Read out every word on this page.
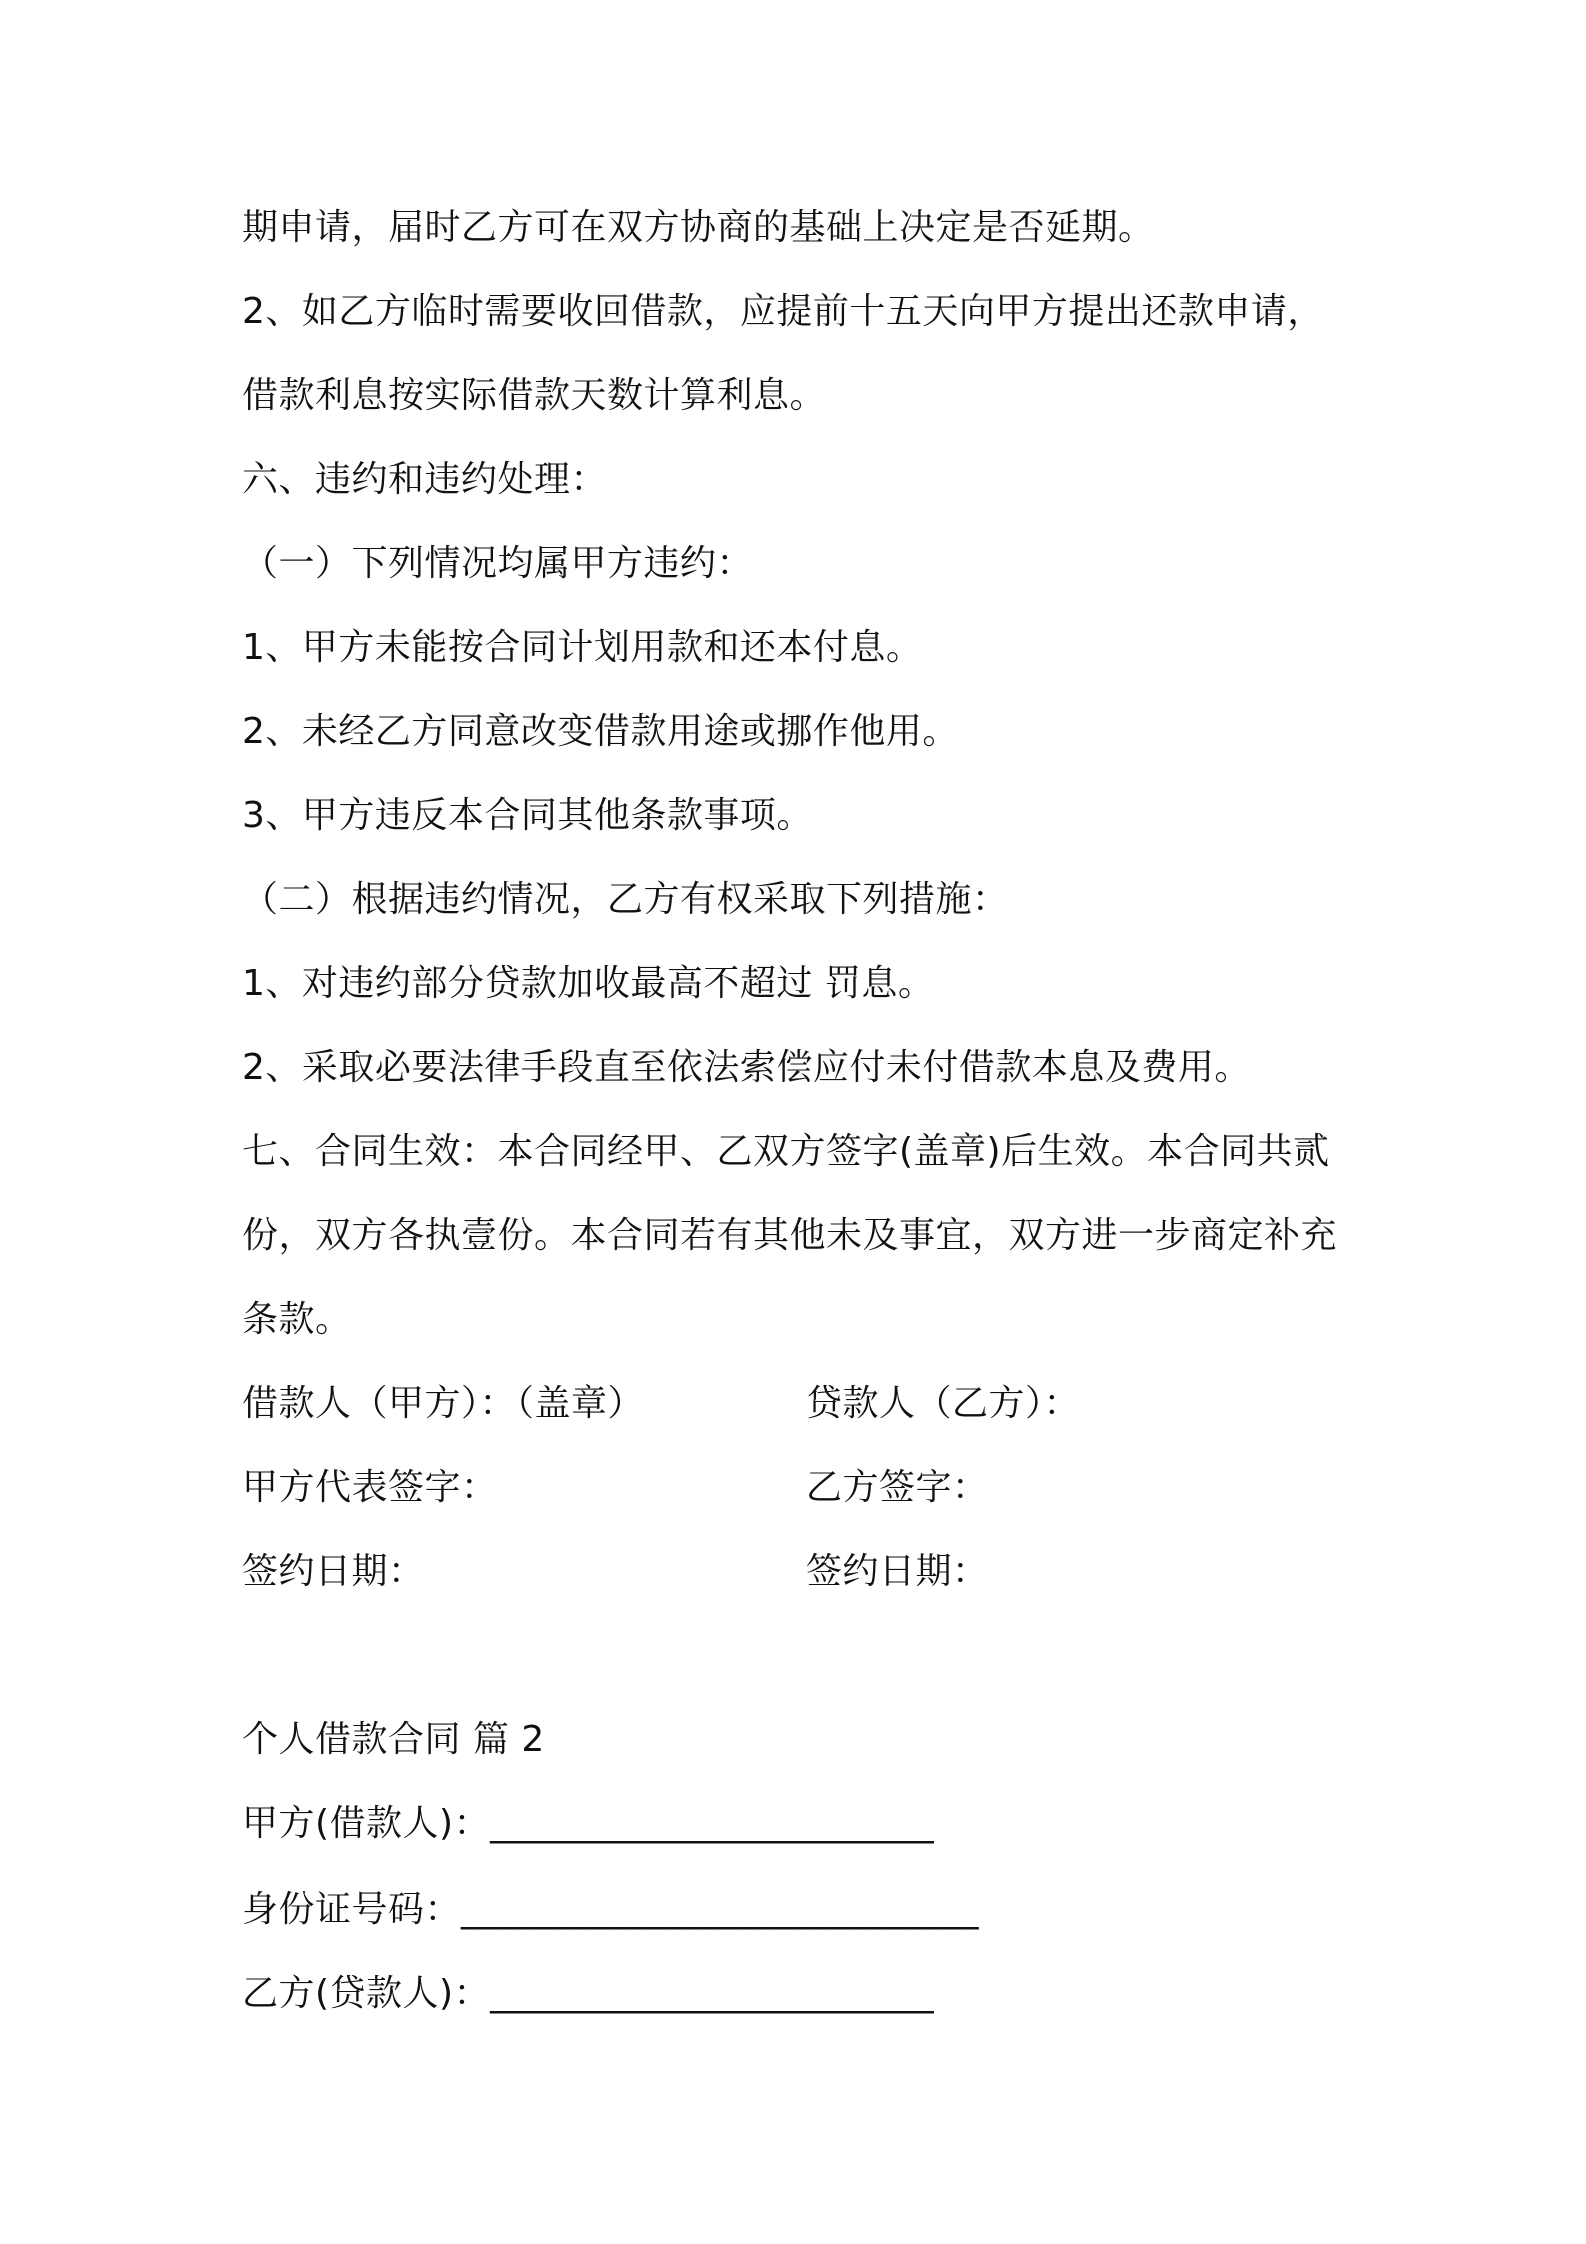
期申请，届时乙方可在双方协商的基础上决定是否延期。
2、如乙方临时需要收回借款，应提前十五天向甲方提出还款申请，
借款利息按实际借款天数计算利息。
六、违约和违约处理：
（一）下列情况均属甲方违约：
1、甲方未能按合同计划用款和还本付息。
2、未经乙方同意改变借款用途或挪作他用。
3、甲方违反本合同其他条款事项。
（二）根据违约情况，乙方有权采取下列措施：
1、对违约部分贷款加收最高不超过 罚息。
2、采取必要法律手段直至依法索偿应付未付借款本息及费用。
七、合同生效：本合同经甲、乙双方签字(盖章)后生效。本合同共贰
份，双方各执壹份。本合同若有其他未及事宜，双方进一步商定补充
条款。
借款人（甲方）：（盖章）	贷款人（乙方）：
甲方代表签字：	乙方签字：
签约日期：	签约日期：
个人借款合同 篇 2
甲方(借款人)：________________________
身份证号码：____________________________
乙方(贷款人)：________________________
